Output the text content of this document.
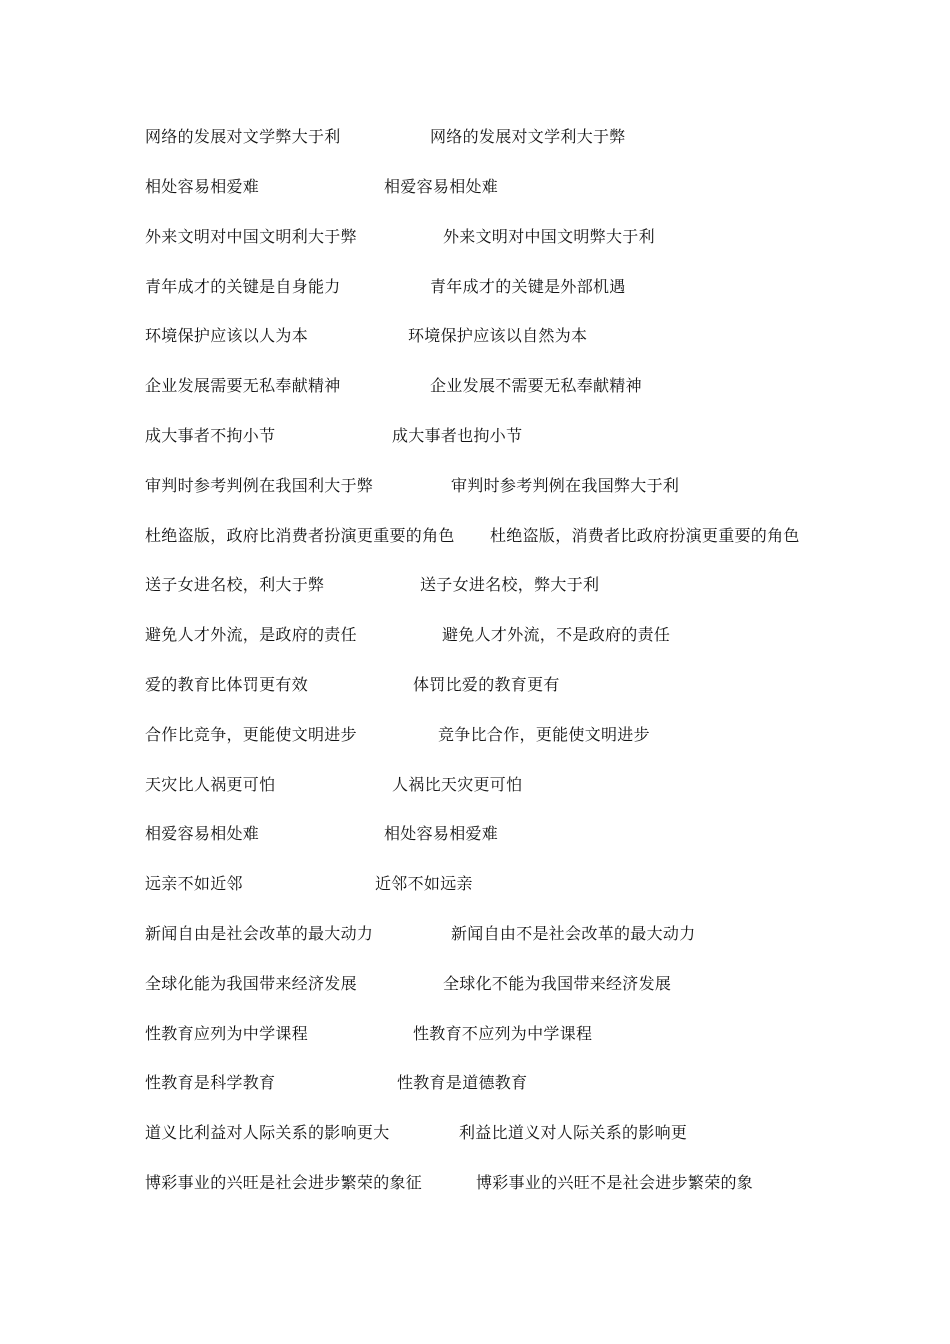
网络的发展对文学弊大于利	网络的发展对文学利大于弊
相处容易相爱难	相爱容易相处难
外来文明对中国文明利大于弊	外来文明对中国文明弊大于利
青年成才的关键是自身能力	青年成才的关键是外部机遇
环境保护应该以人为本	环境保护应该以自然为本
企业发展需要无私奉献精神	企业发展不需要无私奉献精神
成大事者不拘小节	成大事者也拘小节
审判时参考判例在我国利大于弊	审判时参考判例在我国弊大于利
杜绝盗版，政府比消费者扮演更重要的角色 杜绝盗版，消费者比政府扮演更重要的角色
送子女进名校，利大于弊	送子女进名校，弊大于利
避免人才外流，是政府的责任	避免人才外流，不是政府的责任
爱的教育比体罚更有效	体罚比爱的教育更有
合作比竞争，更能使文明进步	竞争比合作，更能使文明进步
天灾比人祸更可怕	人祸比天灾更可怕
相爱容易相处难	相处容易相爱难
远亲不如近邻	近邻不如远亲
新闻自由是社会改革的最大动力	新闻自由不是社会改革的最大动力
全球化能为我国带来经济发展	全球化不能为我国带来经济发展
性教育应列为中学课程	性教育不应列为中学课程
性教育是科学教育	性教育是道德教育
道义比利益对人际关系的影响更大	利益比道义对人际关系的影响更
博彩事业的兴旺是社会进步繁荣的象征	博彩事业的兴旺不是社会进步繁荣的象
